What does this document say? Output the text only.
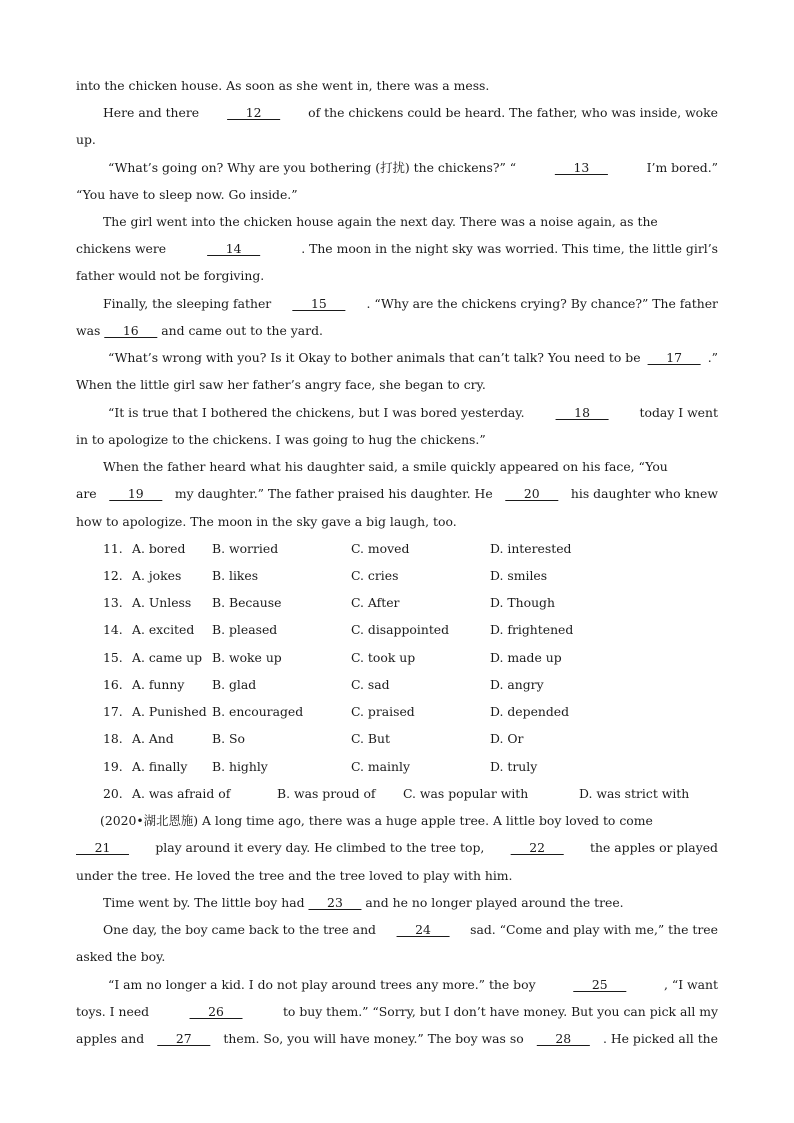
into the chicken house. As soon as she went in, there was a mess.
Here and there ___12___ of the chickens could be heard. The father, who was inside, woke
up.
“What’s going on? Why are you bothering (打扰) the chickens?” “	___13___	I’m bored.”
“You have to sleep now. Go inside.”
The girl went into the chicken house again the next day. There was a noise again, as the
chickens were	___14___	. The moon in the night sky was worried. This time, the little girl’s
father would not be forgiving.
Finally, the sleeping father ___15___ . “Why are the chickens crying? By chance?” The father
was ___16___ and came out to the yard.
“What’s wrong with you? Is it Okay to bother animals that can’t talk? You need to be ___17___ .”
When the little girl saw her father’s angry face, she began to cry.
“It is true that I bothered the chickens, but I was bored yesterday.	___18___	today I went
in to apologize to the chickens. I was going to hug the chickens.”
When the father heard what his daughter said, a smile quickly appeared on his face, “You
are ___19___ my daughter.” The father praised his daughter. He ___20___ his daughter who knew
how to apologize. The moon in the sky gave a big laugh, too.
11. A. bored B. worried	C. moved	D. interested
12. A. jokes B. likes	C. cries	D. smiles
13. A. Unless B. Because	C. After	D. Though
14. A. excited B. pleased	C. disappointed	D. frightened
15. A. came up B. woke up	C. took up	D. made up
16. A. funny B. glad	C. sad	D. angry
17. A. Punished B. encouraged	C. praised	D. depended
18. A. And	B. So	C. But	D. Or
19. A. finally B. highly	C. mainly	D. truly
20. A. was afraid of	B. was proud of C. was popular with	D. was strict with
(2020•湖北恩施) A long time ago, there was a huge apple tree. A little boy loved to come
___21___ play around it every day. He climbed to the tree top, ___22___ the apples or played
under the tree. He loved the tree and the tree loved to play with him.
Time went by. The little boy had ___23___ and he no longer played around the tree.
One day, the boy came back to the tree and ___24___ sad. “Come and play with me,” the tree
asked the boy.
“I am no longer a kid. I do not play around trees any more.” the boy	___25___	, “I want
toys. I need	___26___	to buy them.” “Sorry, but I don’t have money. But you can pick all my
apples and ___27___ them. So, you will have money.” The boy was so ___28___ . He picked all the
